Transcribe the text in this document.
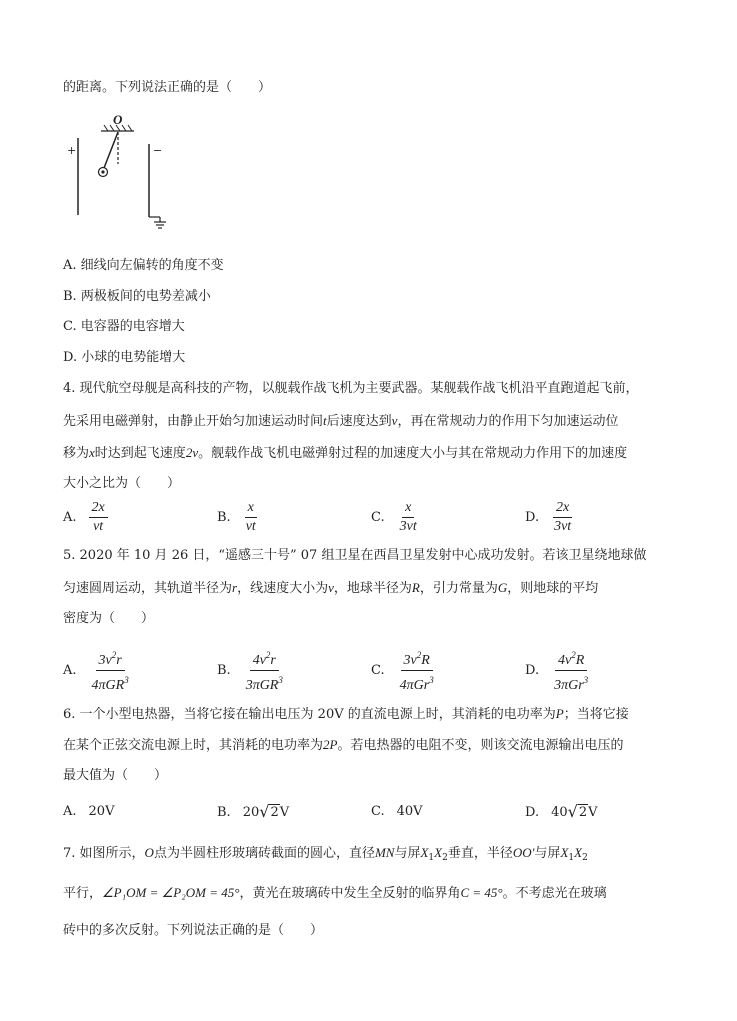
的距离。下列说法正确的是（　　）
O
+	−
A. 细线向左偏转的角度不变
B. 两极板间的电势差减小
C. 电容器的电容增大
D. 小球的电势能增大
4. 现代航空母舰是高科技的产物，以舰载作战飞机为主要武器。某舰载作战飞机沿平直跑道起飞前，
先采用电磁弹射，由静止开始匀加速运动时间t后速度达到v，再在常规动力的作用下匀加速运动位
移为x时达到起飞速度2v。舰载作战飞机电磁弹射过程的加速度大小与其在常规动力作用下的加速度
大小之比为（　　）
A. $\frac{2x}{vt}$	B. $\frac{x}{vt}$	C. $\frac{x}{3vt}$	D. $\frac{2x}{3vt}$
5. 2020 年 10 月 26 日，“遥感三十号” 07 组卫星在西昌卫星发射中心成功发射。若该卫星绕地球做
匀速圆周运动，其轨道半径为r，线速度大小为v，地球半径为R，引力常量为G，则地球的平均
密度为（　　）
A. $\frac{3v^2r}{4\pi GR^3}$	B. $\frac{4v^2r}{3\pi GR^3}$	C. $\frac{3v^2R}{4\pi Gr^3}$	D. $\frac{4v^2R}{3\pi Gr^3}$
6. 一个小型电热器，当将它接在输出电压为 20V 的直流电源上时，其消耗的电功率为P；当将它接
在某个正弦交流电源上时，其消耗的电功率为2P。若电热器的电阻不变，则该交流电源输出电压的
最大值为（　　）
A. 20V	B. 20 √ 2 V	C. 40V	D. 40 √ 2 V
7. 如图所示，O点为半圆柱形玻璃砖截面的圆心，直径MN与屏$X_1X_2$垂直，半径OO'与屏$X_1X_2$
平行，∠P₁OM = ∠P₂OM = 45°，黄光在玻璃砖中发生全反射的临界角C = 45°。不考虑光在玻璃
砖中的多次反射。下列说法正确的是（　　）
